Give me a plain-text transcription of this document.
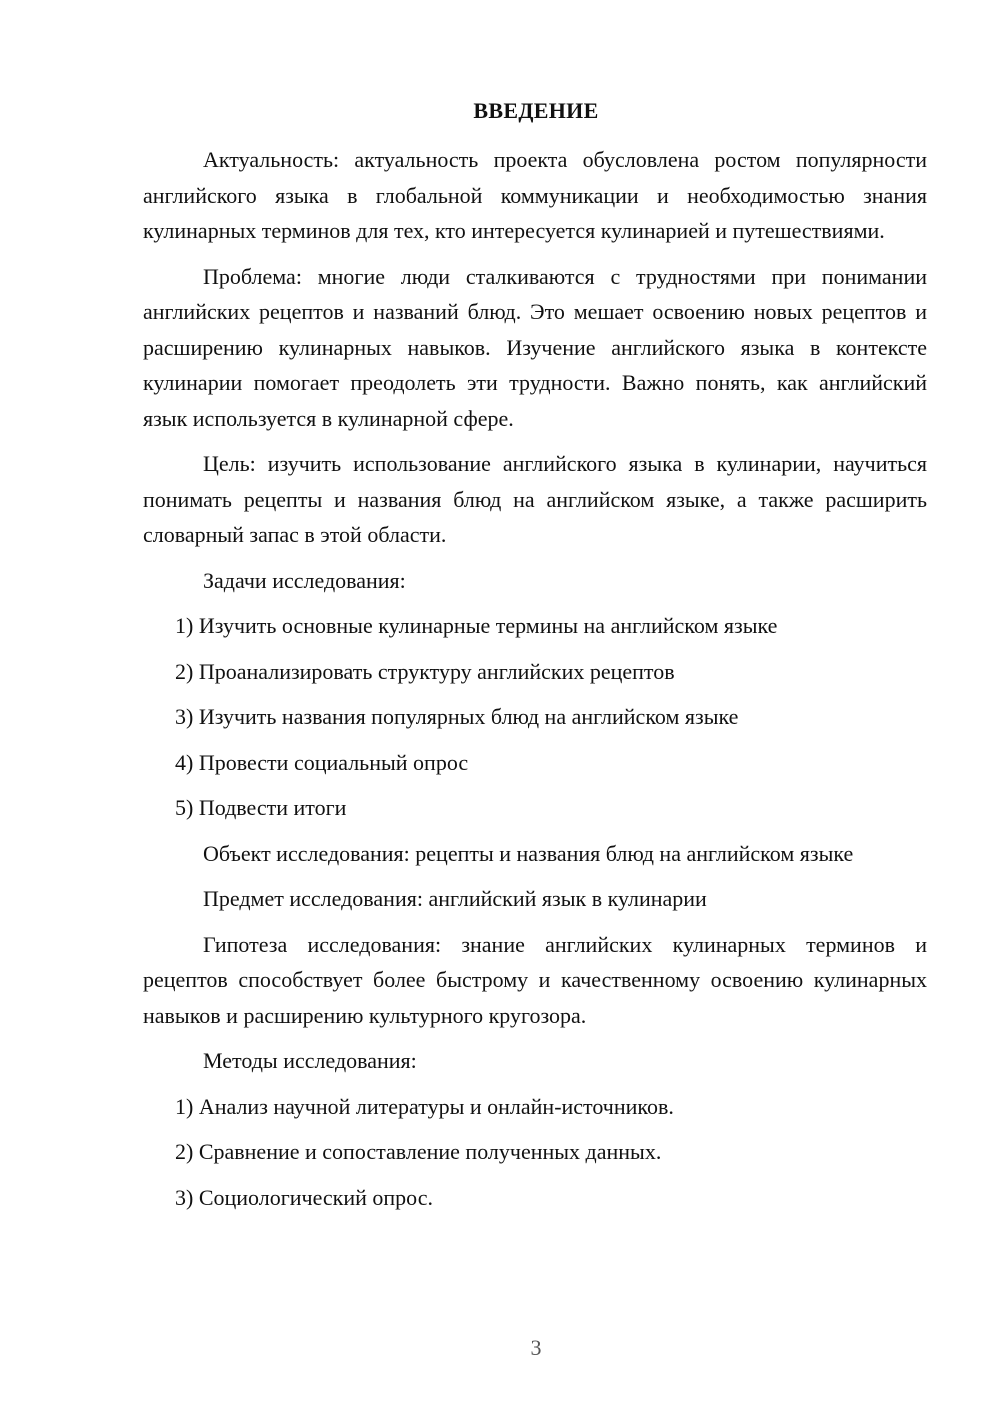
ВВЕДЕНИЕ

Актуальность: актуальность проекта обусловлена ростом популярности английского языка в глобальной коммуникации и необходимостью знания кулинарных терминов для тех, кто интересуется кулинарией и путешествиями.

Проблема: многие люди сталкиваются с трудностями при понимании английских рецептов и названий блюд. Это мешает освоению новых рецептов и расширению кулинарных навыков. Изучение английского языка в контексте кулинарии помогает преодолеть эти трудности. Важно понять, как английский язык используется в кулинарной сфере.

Цель: изучить использование английского языка в кулинарии, научиться понимать рецепты и названия блюд на английском языке, а также расширить словарный запас в этой области.

Задачи исследования:

1) Изучить основные кулинарные термины на английском языке

2) Проанализировать структуру английских рецептов

3) Изучить названия популярных блюд на английском языке

4) Провести социальный опрос

5) Подвести итоги

Объект исследования: рецепты и названия блюд на английском языке

Предмет исследования: английский язык в кулинарии

Гипотеза исследования: знание английских кулинарных терминов и рецептов способствует более быстрому и качественному освоению кулинарных навыков и расширению культурного кругозора.

Методы исследования:

1) Анализ научной литературы и онлайн-источников.

2) Сравнение и сопоставление полученных данных.

3) Социологический опрос.

3
